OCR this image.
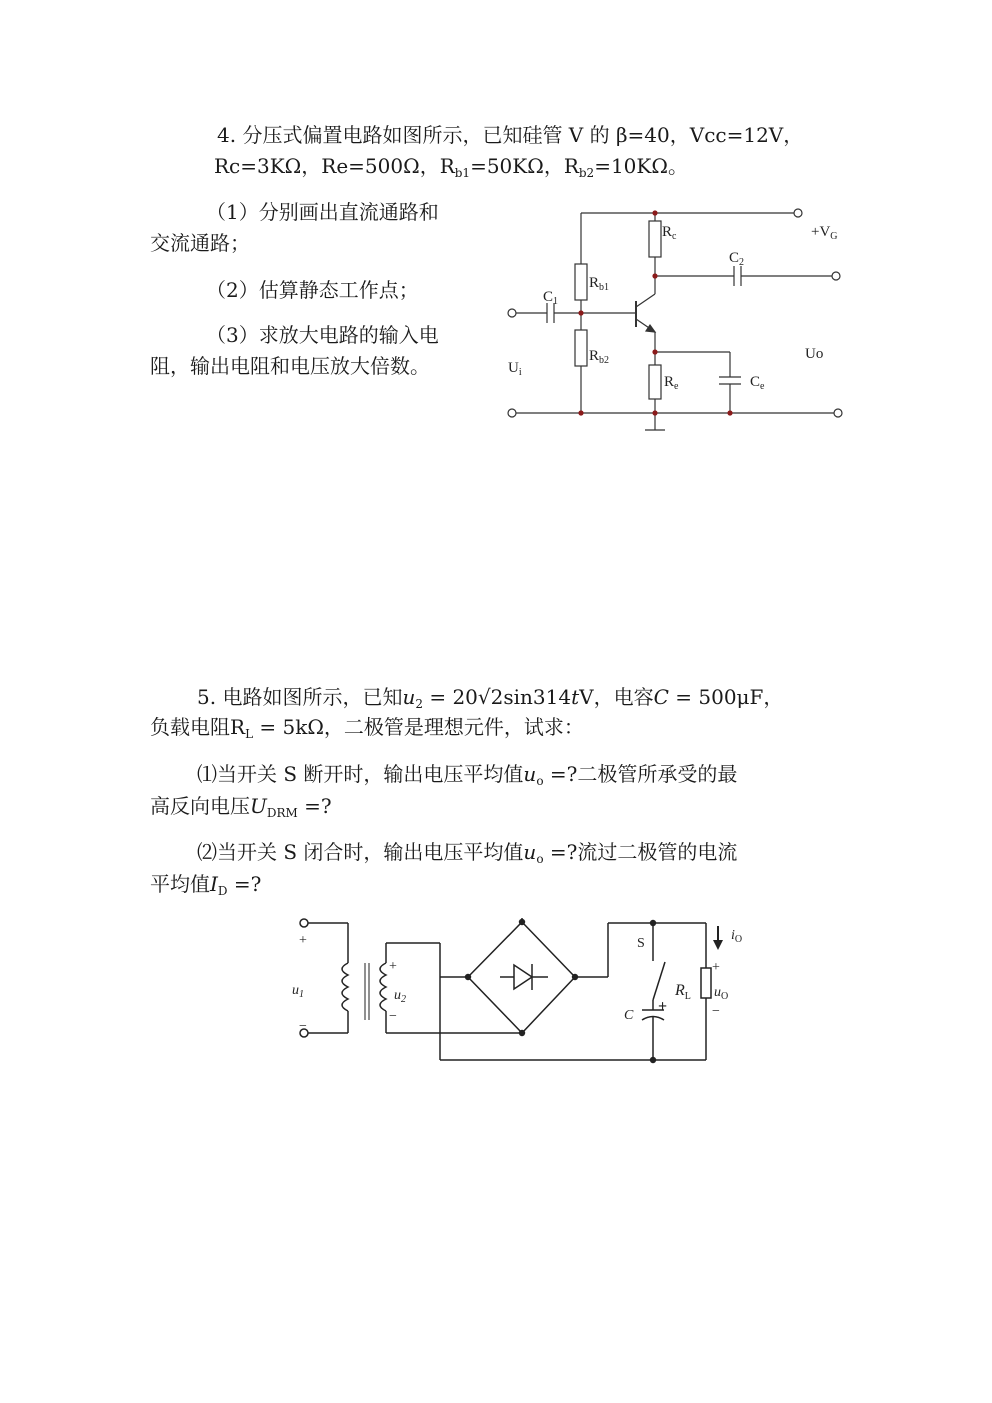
4. 分压式偏置电路如图所示，已知硅管 V 的 β=40，Vcc=12V，
Rc=3KΩ，Re=500Ω，$R_{b1}=50K\Omega$，$R_{b2}=10K\Omega$。
（1）分别画出直流通路和
交流通路；
（2）估算静态工作点；
（3）求放大电路的输入电
阻，输出电阻和电压放大倍数。
5. 电路如图所示，已知$u_2 = 20√2\sin 314tV$，电容C = 500μF，
负载电阻$R_L = 5k\Omega$，二极管是理想元件，试求：
⑴当开关 S 断开时，输出电压平均值$u_o$ =?二极管所承受的最
高反向电压$U_{DRM}$ =?
⑵当开关 S 闭合时，输出电压平均值$u_o$ =?流过二极管的电流
平均值$I_D$ =?
$R_c$	$+V_G$
$C_2$
$C_1$
$R_{b1}$
$R_{b2}$
$U_i$
Uo
$R_e$	$C_e$
+
−
$u_1$
+
−
$u_2$
S
C
+
$R_L$
$i_O$
+
−
$u_O$
